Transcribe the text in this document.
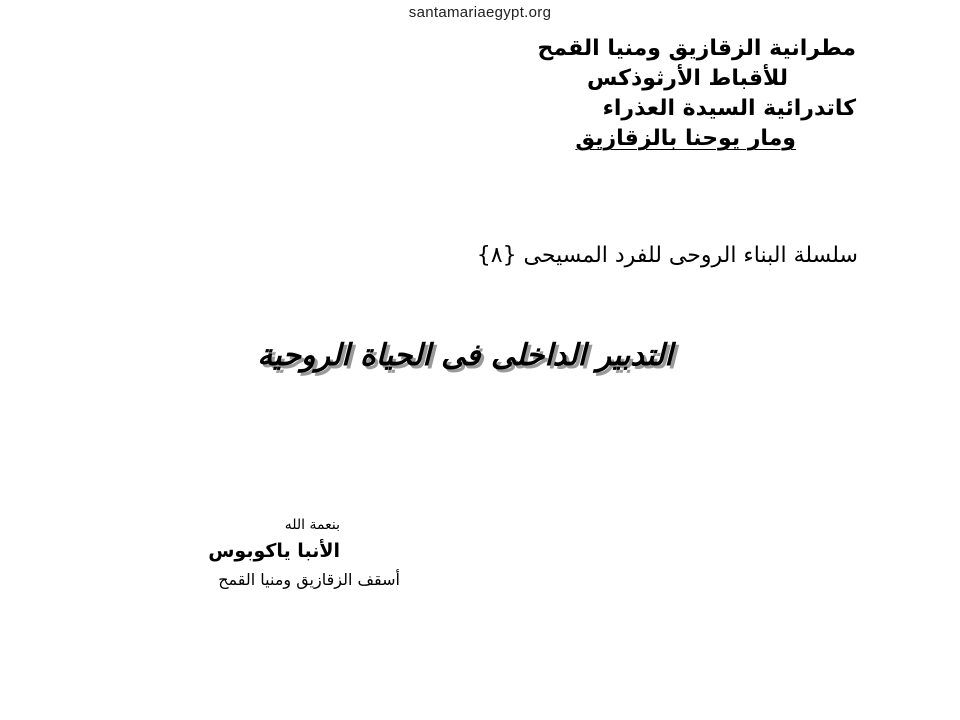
santamariaegypt.org
مطرانية الزقازيق ومنيا القمح
للأقباط الأرثوذكس
كاتدرائية السيدة العذراء
ومار يوحنا بالزقازيق
سلسلة البناء الروحى للفرد المسيحى {٨}
التدبير الداخلى فى الحياة الروحية
بنعمة الله
الأنبا ياكوبوس
أسقف الزقازيق ومنيا القمح
